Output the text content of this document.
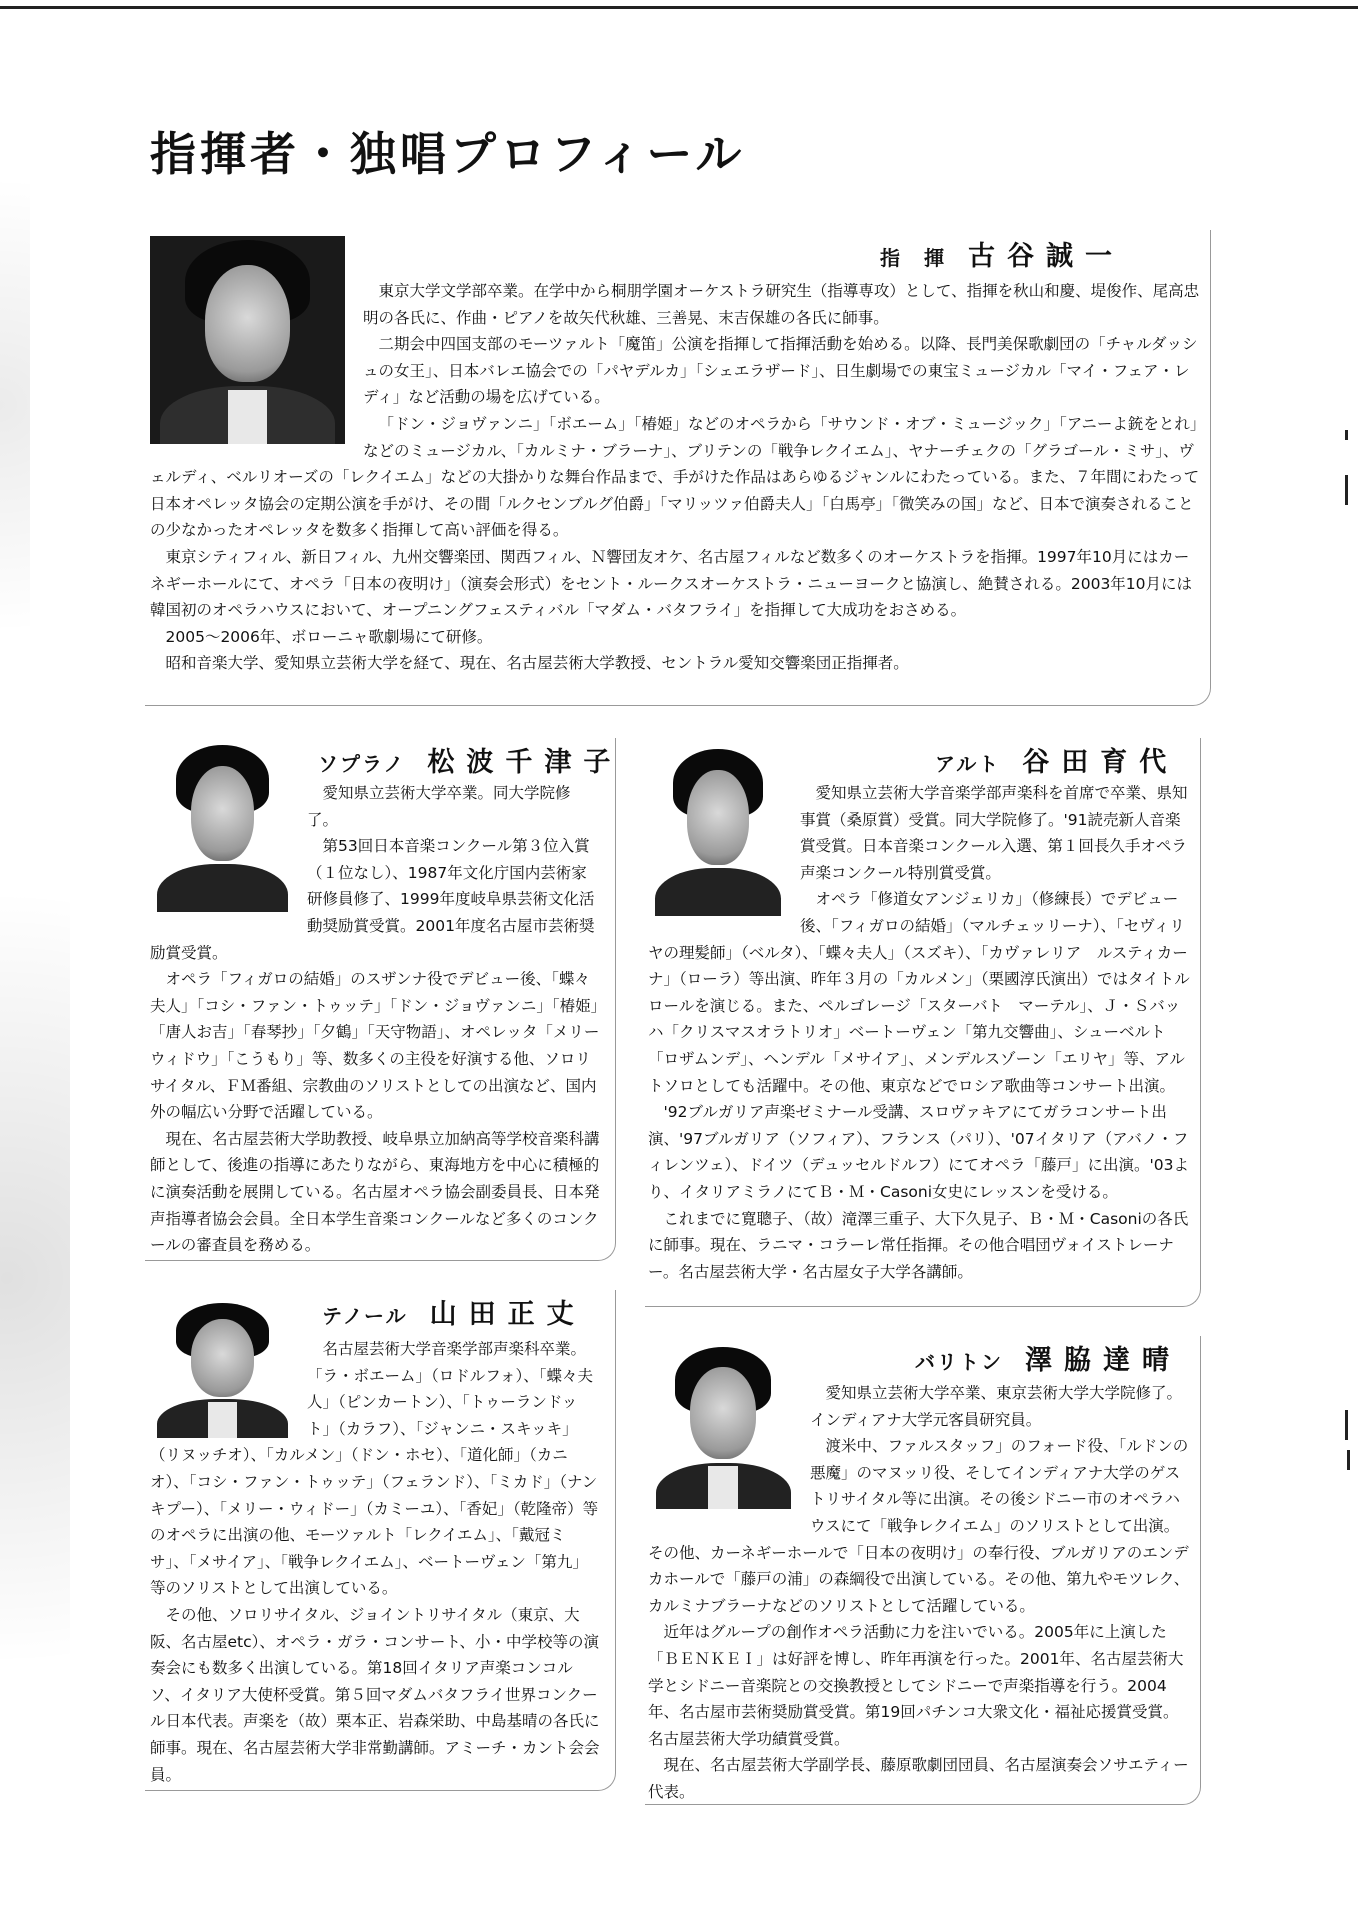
指揮者・独唱プロフィール
指　揮 古谷誠一

東京大学文学部卒業。在学中から桐朋学園オーケストラ研究生（指導専攻）として、指揮を秋山和慶、堤俊作、尾高忠明の各氏に、作曲・ピアノを故矢代秋雄、三善晃、末吉保雄の各氏に師事。

二期会中四国支部のモーツァルト「魔笛」公演を指揮して指揮活動を始める。以降、長門美保歌劇団の「チャルダッシュの女王」、日本バレエ協会での「パヤデルカ」「シェエラザード」、日生劇場での東宝ミュージカル「マイ・フェア・レディ」など活動の場を広げている。

「ドン・ジョヴァンニ」「ボエーム」「椿姫」などのオペラから「サウンド・オブ・ミュージック」「アニーよ銃をとれ」などのミュージカル、「カルミナ・ブラーナ」、ブリテンの「戦争レクイエム」、ヤナーチェクの「グラゴール・ミサ」、ヴェルディ、ベルリオーズの「レクイエム」などの大掛かりな舞台作品まで、手がけた作品はあらゆるジャンルにわたっている。また、７年間にわたって日本オペレッタ協会の定期公演を手がけ、その間「ルクセンブルグ伯爵」「マリッツァ伯爵夫人」「白馬亭」「微笑みの国」など、日本で演奏されることの少なかったオペレッタを数多く指揮して高い評価を得る。

東京シティフィル、新日フィル、九州交響楽団、関西フィル、Ｎ響団友オケ、名古屋フィルなど数多くのオーケストラを指揮。1997年10月にはカーネギーホールにて、オペラ「日本の夜明け」（演奏会形式）をセント・ルークスオーケストラ・ニューヨークと協演し、絶賛される。2003年10月には韓国初のオペラハウスにおいて、オープニングフェスティバル「マダム・バタフライ」を指揮して大成功をおさめる。

2005～2006年、ボローニャ歌劇場にて研修。

昭和音楽大学、愛知県立芸術大学を経て、現在、名古屋芸術大学教授、セントラル愛知交響楽団正指揮者。

ソプラノ 松波千津子

愛知県立芸術大学卒業。同大学院修了。

第53回日本音楽コンクール第３位入賞（１位なし）、1987年文化庁国内芸術家研修員修了、1999年度岐阜県芸術文化活動奨励賞受賞。2001年度名古屋市芸術奨励賞受賞。

オペラ「フィガロの結婚」のスザンナ役でデビュー後、「蝶々夫人」「コシ・ファン・トゥッテ」「ドン・ジョヴァンニ」「椿姫」「唐人お吉」「春琴抄」「夕鶴」「天守物語」、オペレッタ「メリーウィドウ」「こうもり」等、数多くの主役を好演する他、ソロリサイタル、ＦＭ番組、宗教曲のソリストとしての出演など、国内外の幅広い分野で活躍している。

現在、名古屋芸術大学助教授、岐阜県立加納高等学校音楽科講師として、後進の指導にあたりながら、東海地方を中心に積極的に演奏活動を展開している。名古屋オペラ協会副委員長、日本発声指導者協会会員。全日本学生音楽コンクールなど多くのコンクールの審査員を務める。

アルト 谷田育代

愛知県立芸術大学音楽学部声楽科を首席で卒業、県知事賞（桑原賞）受賞。同大学院修了。'91読売新人音楽賞受賞。日本音楽コンクール入選、第１回長久手オペラ声楽コンクール特別賞受賞。

オペラ「修道女アンジェリカ」（修練長）でデビュー後、「フィガロの結婚」（マルチェッリーナ）、「セヴィリヤの理髪師」（ベルタ）、「蝶々夫人」（スズキ）、「カヴァレリア　ルスティカーナ」（ローラ）等出演、昨年３月の「カルメン」（栗國淳氏演出）ではタイトルロールを演じる。また、ペルゴレージ「スターバト　マーテル」、Ｊ・Ｓバッハ「クリスマスオラトリオ」ベートーヴェン「第九交響曲」、シューベルト「ロザムンデ」、ヘンデル「メサイア」、メンデルスゾーン「エリヤ」等、アルトソロとしても活躍中。その他、東京などでロシア歌曲等コンサート出演。

'92ブルガリア声楽ゼミナール受講、スロヴァキアにてガラコンサート出演、'97ブルガリア（ソフィア）、フランス（パリ）、'07イタリア（アバノ・フィレンツェ）、ドイツ（デュッセルドルフ）にてオペラ「藤戸」に出演。'03より、イタリアミラノにてＢ・Ｍ・Casoni女史にレッスンを受ける。

これまでに寛聰子、（故）滝澤三重子、大下久見子、Ｂ・Ｍ・Casoniの各氏に師事。現在、ラニマ・コラーレ常任指揮。その他合唱団ヴォイストレーナー。名古屋芸術大学・名古屋女子大学各講師。

テノール 山田正丈

名古屋芸術大学音楽学部声楽科卒業。「ラ・ボエーム」（ロドルフォ）、「蝶々夫人」（ピンカートン）、「トゥーランドット」（カラフ）、「ジャンニ・スキッキ」（リヌッチオ）、「カルメン」（ドン・ホセ）、「道化師」（カニオ）、「コシ・ファン・トゥッテ」（フェランド）、「ミカド」（ナンキプー）、「メリー・ウィドー」（カミーユ）、「香妃」（乾隆帝）等のオペラに出演の他、モーツァルト「レクイエム」、「戴冠ミサ」、「メサイア」、「戦争レクイエム」、ベートーヴェン「第九」等のソリストとして出演している。

その他、ソロリサイタル、ジョイントリサイタル（東京、大阪、名古屋etc）、オペラ・ガラ・コンサート、小・中学校等の演奏会にも数多く出演している。第18回イタリア声楽コンコルソ、イタリア大使杯受賞。第５回マダムバタフライ世界コンクール日本代表。声楽を（故）栗本正、岩森栄助、中島基晴の各氏に師事。現在、名古屋芸術大学非常勤講師。アミーチ・カント会会員。

バリトン 澤脇達晴

愛知県立芸術大学卒業、東京芸術大学大学院修了。インディアナ大学元客員研究員。

渡米中、ファルスタッフ」のフォード役、「ルドンの悪魔」のマヌッリ役、そしてインディアナ大学のゲストリサイタル等に出演。その後シドニー市のオペラハウスにて「戦争レクイエム」のソリストとして出演。その他、カーネギーホールで「日本の夜明け」の奉行役、ブルガリアのエンデカホールで「藤戸の浦」の森綱役で出演している。その他、第九やモツレク、カルミナブラーナなどのソリストとして活躍している。

近年はグループの創作オペラ活動に力を注いでいる。2005年に上演した「ＢＥＮＫＥＩ」は好評を博し、昨年再演を行った。2001年、名古屋芸術大学とシドニー音楽院との交換教授としてシドニーで声楽指導を行う。2004年、名古屋市芸術奨励賞受賞。第19回パチンコ大衆文化・福祉応援賞受賞。名古屋芸術大学功績賞受賞。

現在、名古屋芸術大学副学長、藤原歌劇団団員、名古屋演奏会ソサエティー代表。
